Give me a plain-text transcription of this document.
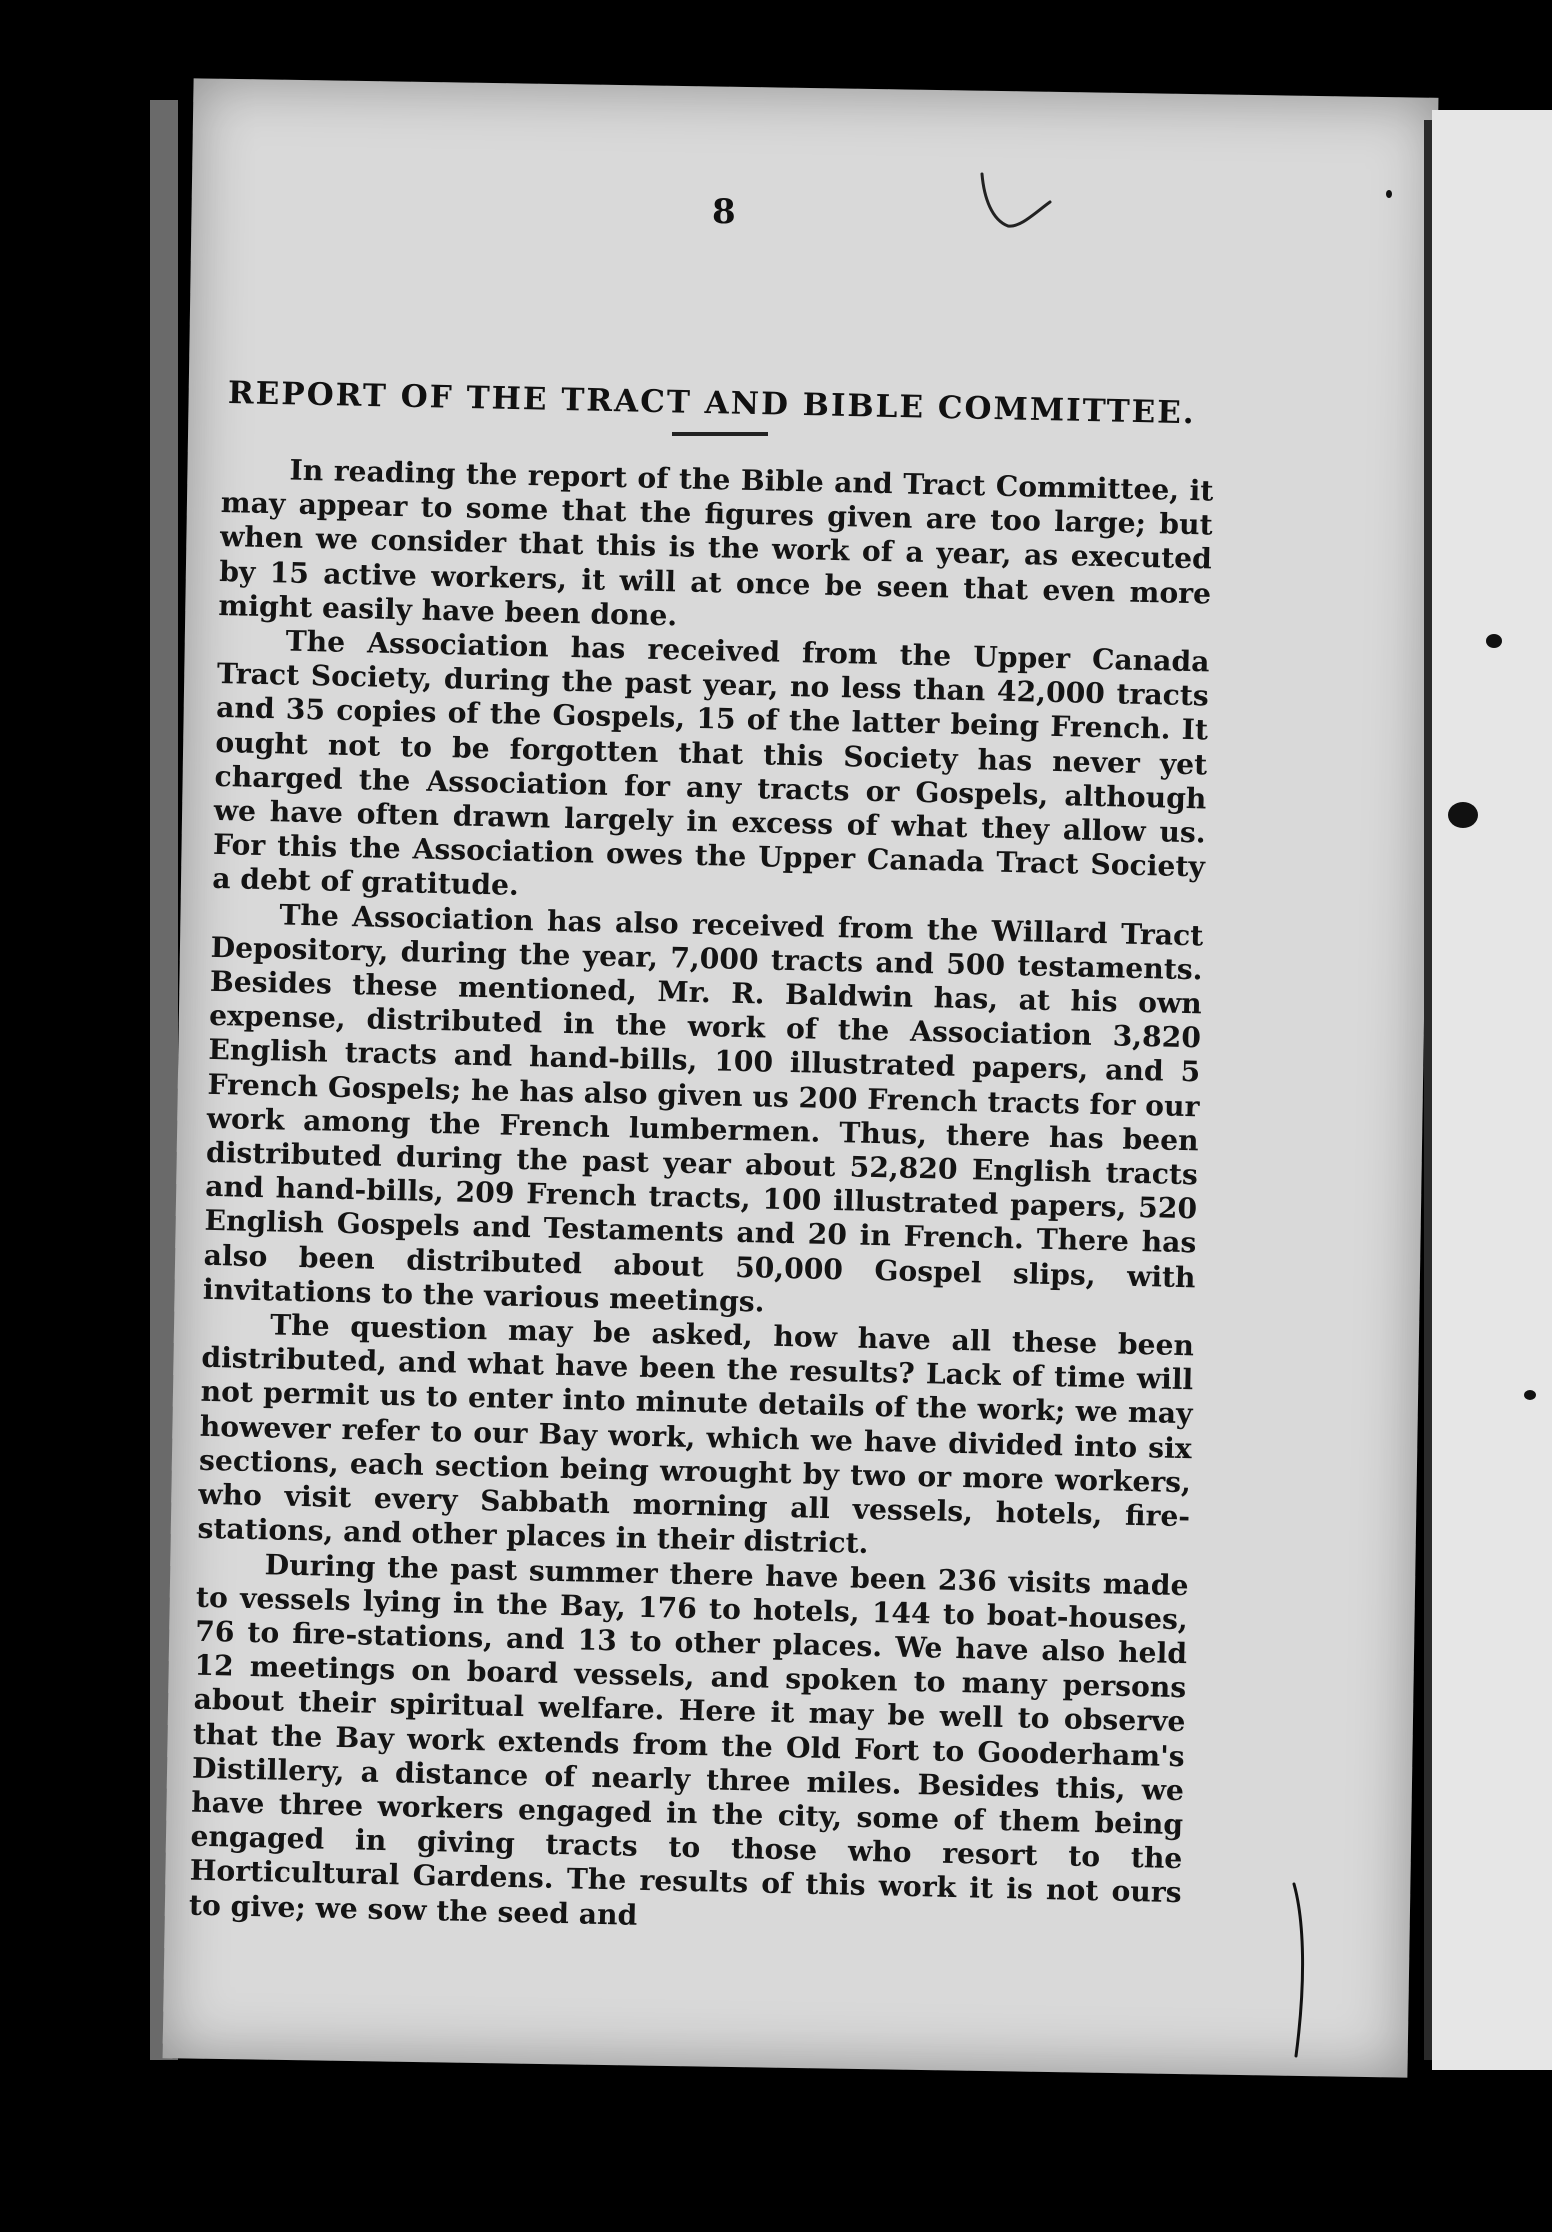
8
REPORT OF THE TRACT AND BIBLE COMMITTEE.

In reading the report of the Bible and Tract Committee, it may appear to some that the figures given are too large; but when we consider that this is the work of a year, as executed by 15 active workers, it will at once be seen that even more might easily have been done.

The Association has received from the Upper Canada Tract Society, during the past year, no less than 42,000 tracts and 35 copies of the Gospels, 15 of the latter being French. It ought not to be forgotten that this Society has never yet charged the Association for any tracts or Gospels, although we have often drawn largely in excess of what they allow us. For this the Association owes the Upper Canada Tract Society a debt of gratitude.

The Association has also received from the Willard Tract Depository, during the year, 7,000 tracts and 500 testaments. Besides these mentioned, Mr. R. Baldwin has, at his own expense, distributed in the work of the Association 3,820 English tracts and hand-bills, 100 illustrated papers, and 5 French Gospels; he has also given us 200 French tracts for our work among the French lumbermen. Thus, there has been distributed during the past year about 52,820 English tracts and hand-bills, 209 French tracts, 100 illustrated papers, 520 English Gospels and Testaments and 20 in French. There has also been distributed about 50,000 Gospel slips, with invitations to the various meetings.

The question may be asked, how have all these been distributed, and what have been the results? Lack of time will not permit us to enter into minute details of the work; we may however refer to our Bay work, which we have divided into six sections, each section being wrought by two or more workers, who visit every Sabbath morning all vessels, hotels, fire-stations, and other places in their district.

During the past summer there have been 236 visits made to vessels lying in the Bay, 176 to hotels, 144 to boat-houses, 76 to fire-stations, and 13 to other places. We have also held 12 meetings on board vessels, and spoken to many persons about their spiritual welfare. Here it may be well to observe that the Bay work extends from the Old Fort to Gooderham's Distillery, a distance of nearly three miles. Besides this, we have three workers engaged in the city, some of them being engaged in giving tracts to those who resort to the Horticultural Gardens. The results of this work it is not ours to give; we sow the seed and
